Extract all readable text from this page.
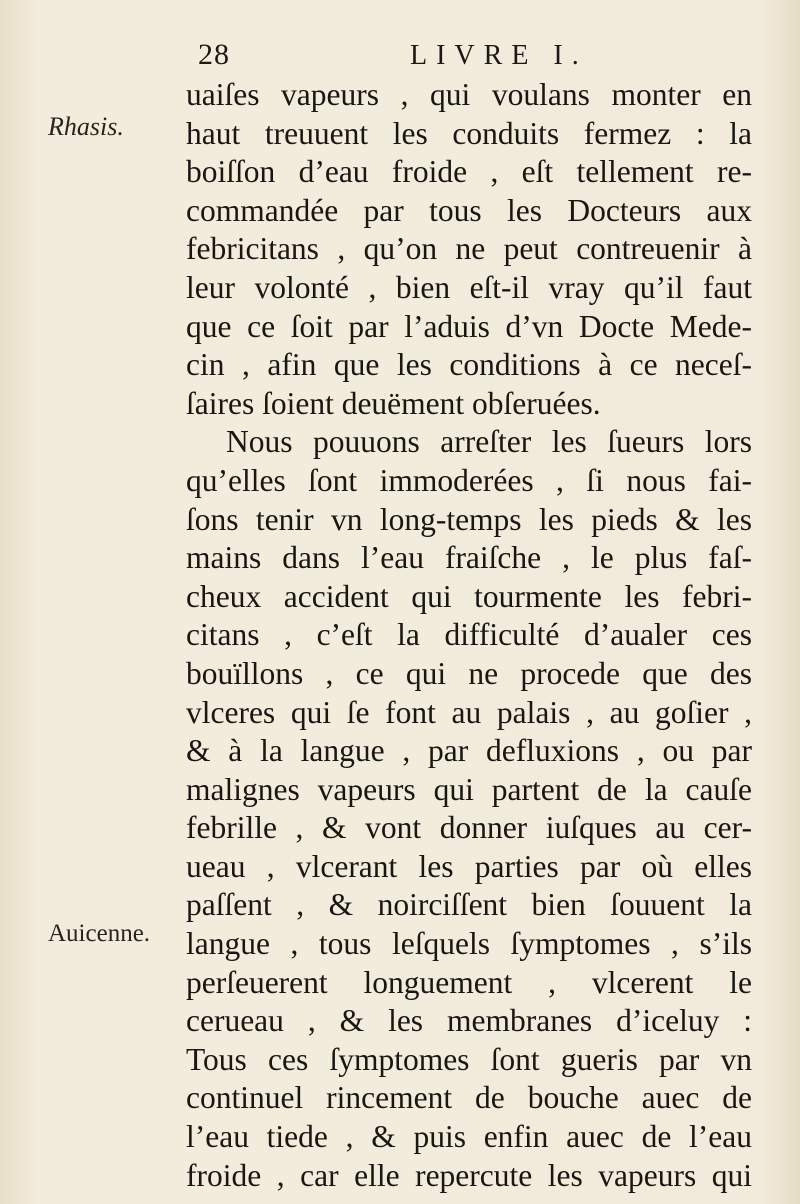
28	LIVRE I.
Rhasis.
Auicenne.
uaiſes vapeurs , qui voulans monter en
haut treuuent les conduits fermez : la
boiſſon d’eau froide , eſt tellement re-
commandée par tous les Docteurs aux
febricitans , qu’on ne peut contreuenir à
leur volonté , bien eſt-il vray qu’il faut
que ce ſoit par l’aduis d’vn Docte Mede-
cin , afin que les conditions à ce neceſ-
ſaires ſoient deuëment obſeruées.
Nous pouuons arreſter les ſueurs lors
qu’elles ſont immoderées , ſi nous fai-
ſons tenir vn long-temps les pieds & les
mains dans l’eau fraiſche , le plus faſ-
cheux accident qui tourmente les febri-
citans , c’eſt la difficulté d’aualer ces
bouïllons , ce qui ne procede que des
vlceres qui ſe font au palais , au goſier ,
& à la langue , par defluxions , ou par
malignes vapeurs qui partent de la cauſe
febrille , & vont donner iuſques au cer-
ueau , vlcerant les parties par où elles
paſſent , & noirciſſent bien ſouuent la
langue , tous leſquels ſymptomes , s’ils
perſeuerent longuement , vlcerent le
cerueau , & les membranes d’iceluy :
Tous ces ſymptomes ſont gueris par vn
continuel rincement de bouche auec de
l’eau tiede , & puis enfin auec de l’eau
froide , car elle repercute les vapeurs qui
